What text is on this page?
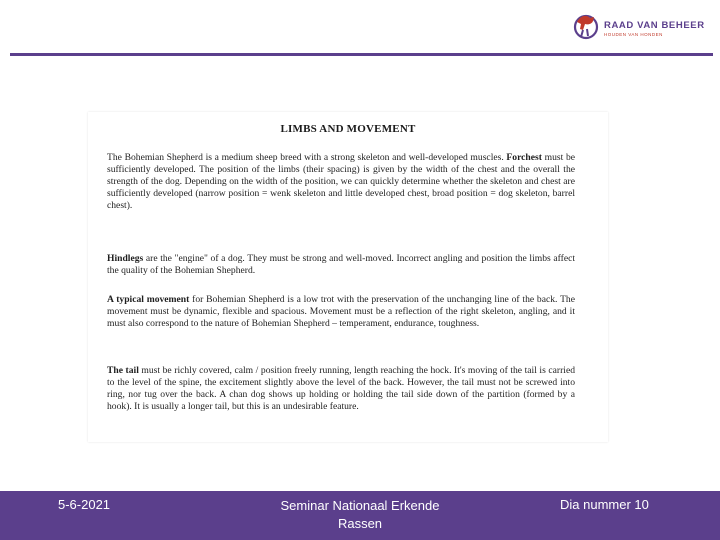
RAAD VAN BEHEER
HOUDEN VAN HONDEN
LIMBS AND MOVEMENT

The Bohemian Shepherd is a medium sheep breed with a strong skeleton and well-developed muscles. Forchest must be sufficiently developed. The position of the limbs (their spacing) is given by the width of the chest and the overall the strength of the dog. Depending on the width of the position, we can quickly determine whether the skeleton and chest are sufficiently developed (narrow position = wenk skeleton and little developed chest, broad position = dog skeleton, barrel chest).

Hindlegs are the "engine" of a dog. They must be strong and well-moved. Incorrect angling and position the limbs affect the quality of the Bohemian Shepherd.

A typical movement for Bohemian Shepherd is a low trot with the preservation of the unchanging line of the back. The movement must be dynamic, flexible and spacious. Movement must be a reflection of the right skeleton, angling, and it must also correspond to the nature of Bohemian Shepherd – temperament, endurance, toughness.

The tail must be richly covered, calm / position freely running, length reaching the hock. It's moving of the tail is carried to the level of the spine, the excitement slightly above the level of the back. However, the tail must not be screwed into ring, nor tug over the back. A chan dog shows up holding or holding the tail side down of the partition (formed by a hook). It is usually a longer tail, but this is an undesirable feature.

5-6-2021	Seminar Nationaal Erkende Rassen
Dia nummer 10
